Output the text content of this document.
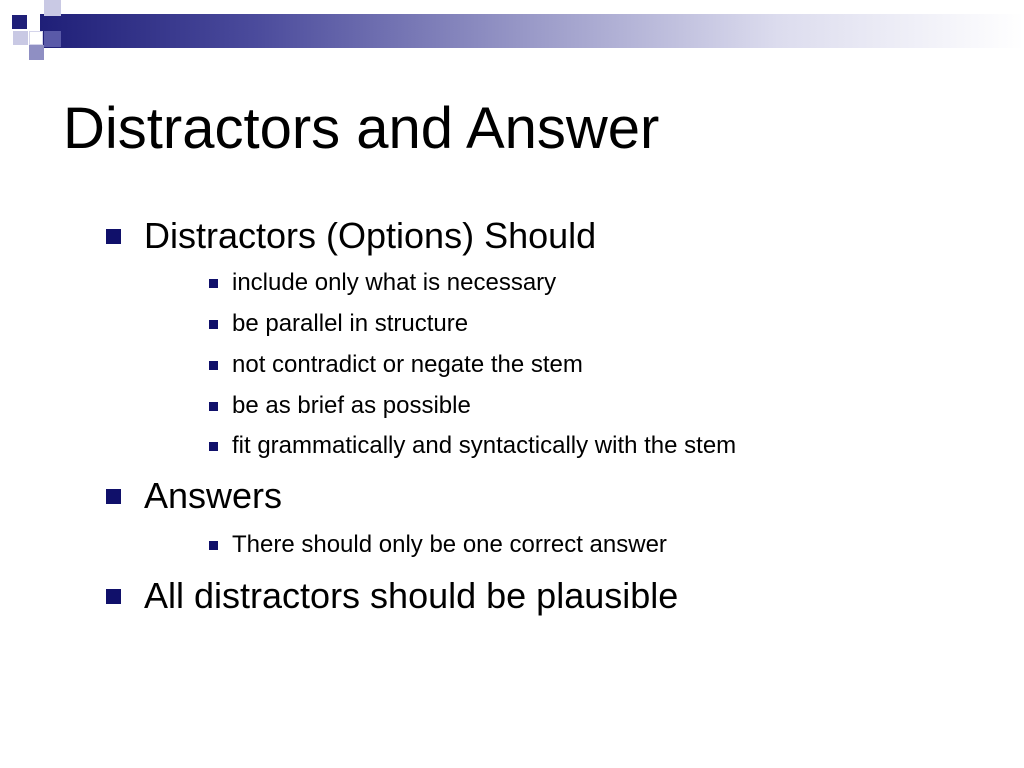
Distractors and Answer
Distractors (Options) Should
include only what is necessary
be parallel in structure
not contradict or negate the stem
be as brief as possible
fit grammatically and syntactically with the stem
Answers
There should only be one correct answer
All distractors should be plausible
